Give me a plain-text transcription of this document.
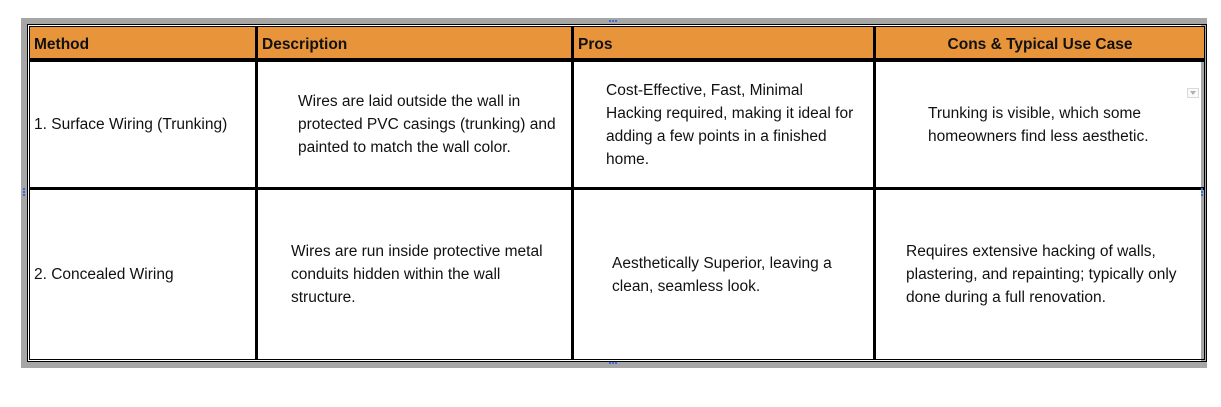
Method	Description	Pros	Cons & Typical Use Case
1. Surface Wiring (Trunking)	Wires are laid outside the wall in protected PVC casings (trunking) and painted to match the wall color.	Cost-Effective, Fast, Minimal Hacking required, making it ideal for adding a few points in a finished home.	Trunking is visible, which some homeowners find less aesthetic.
2. Concealed Wiring	Wires are run inside protective metal conduits hidden within the wall structure.	Aesthetically Superior, leaving a clean, seamless look.	Requires extensive hacking of walls, plastering, and repainting; typically only done during a full renovation.
